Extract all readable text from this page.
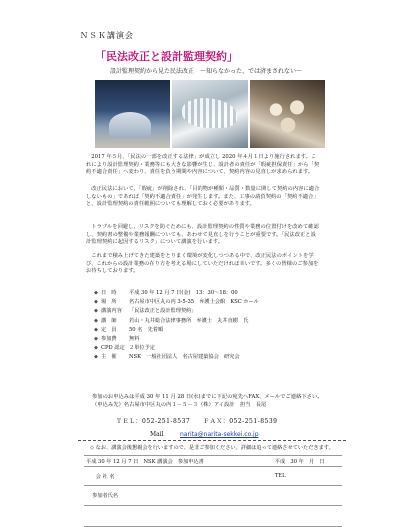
ＮＳＫ講演会
「民法改正と設計監理契約」
設計監理契約から見た民法改正　～知らなかった、では済まされない～
2017 年５月、「民法の一部を改正する法律」が成立し 2020 年４月１日より施行されます。これにより設計監理契約・業務等にも大きな影響が生じ、設計者の責任が「瑕疵担保責任」から「契約不適合責任」へ変わり、責任を負う期間や内容について、契約内容の見直しが求められます。
改正民法において、「瑕疵」が削除され、「目的物が種類・品質・数量に関して契約の内容に適合しないもの」であれば「契約不適合責任」が発生します。また、工事の請負契約の「契約不適合」と、設計監理契約の責任範囲についても理解しておく必要があります。
トラブルを回避し、リスクを防ぐためにも、設計監理契約の性質や業務の位置付けを改めて確認し、契約書の整備や業務報酬についても、あわせて見直しを行うことが重要です。「民法改正と設計監理契約に起因するリスク」について講演を行います。
これまで積み上げてきた建築をとりまく環境が変化しつつある中で、改正民法のポイントを学び、これからの設計業務の在り方を考える場にしていただければ幸いです。多くの皆様のご参加をお待ちしております。
◆ 日　時	平成 30 年 12 月 7 日(金)　13：30～18：00
◆ 場　所	名古屋市中区丸の内 3-5-35　弁護士会館　KSC ホール
◆ 講演内容	「民法改正と設計監理契約」
◆ 講　師	若山・丸井総合法律事務所　弁護士　丸井直樹　氏
◆ 定　員	50 名　先着順
◆ 参加費	無料
◆ CPD 認定 ２単位予定
◆ 主　催	NSK　一般社団法人　名古屋建築協会　研究会
参加のお申込みは平成 30 年 11 月 28 日(水)までに下記の宛先へFAX、メールでご連絡下さい。
（申込み先）名古屋市中区丸の内１－５－３（株）アイ設計　担当　長尾
ＴＥＬ：052-251-8537　　ＦＡＸ：052-251-8539
Mail	narita@narita-sekkei.co.jp
◇ なお、講演会後懇親会を行いますので、是非ご参加ください。詳細は追って連絡させていただきます。
平成 30 年 12 月 7 日　NSK 講演会　参加申込書		平成　30 年　月　日
会 社 名		TEL
参加者氏名		
